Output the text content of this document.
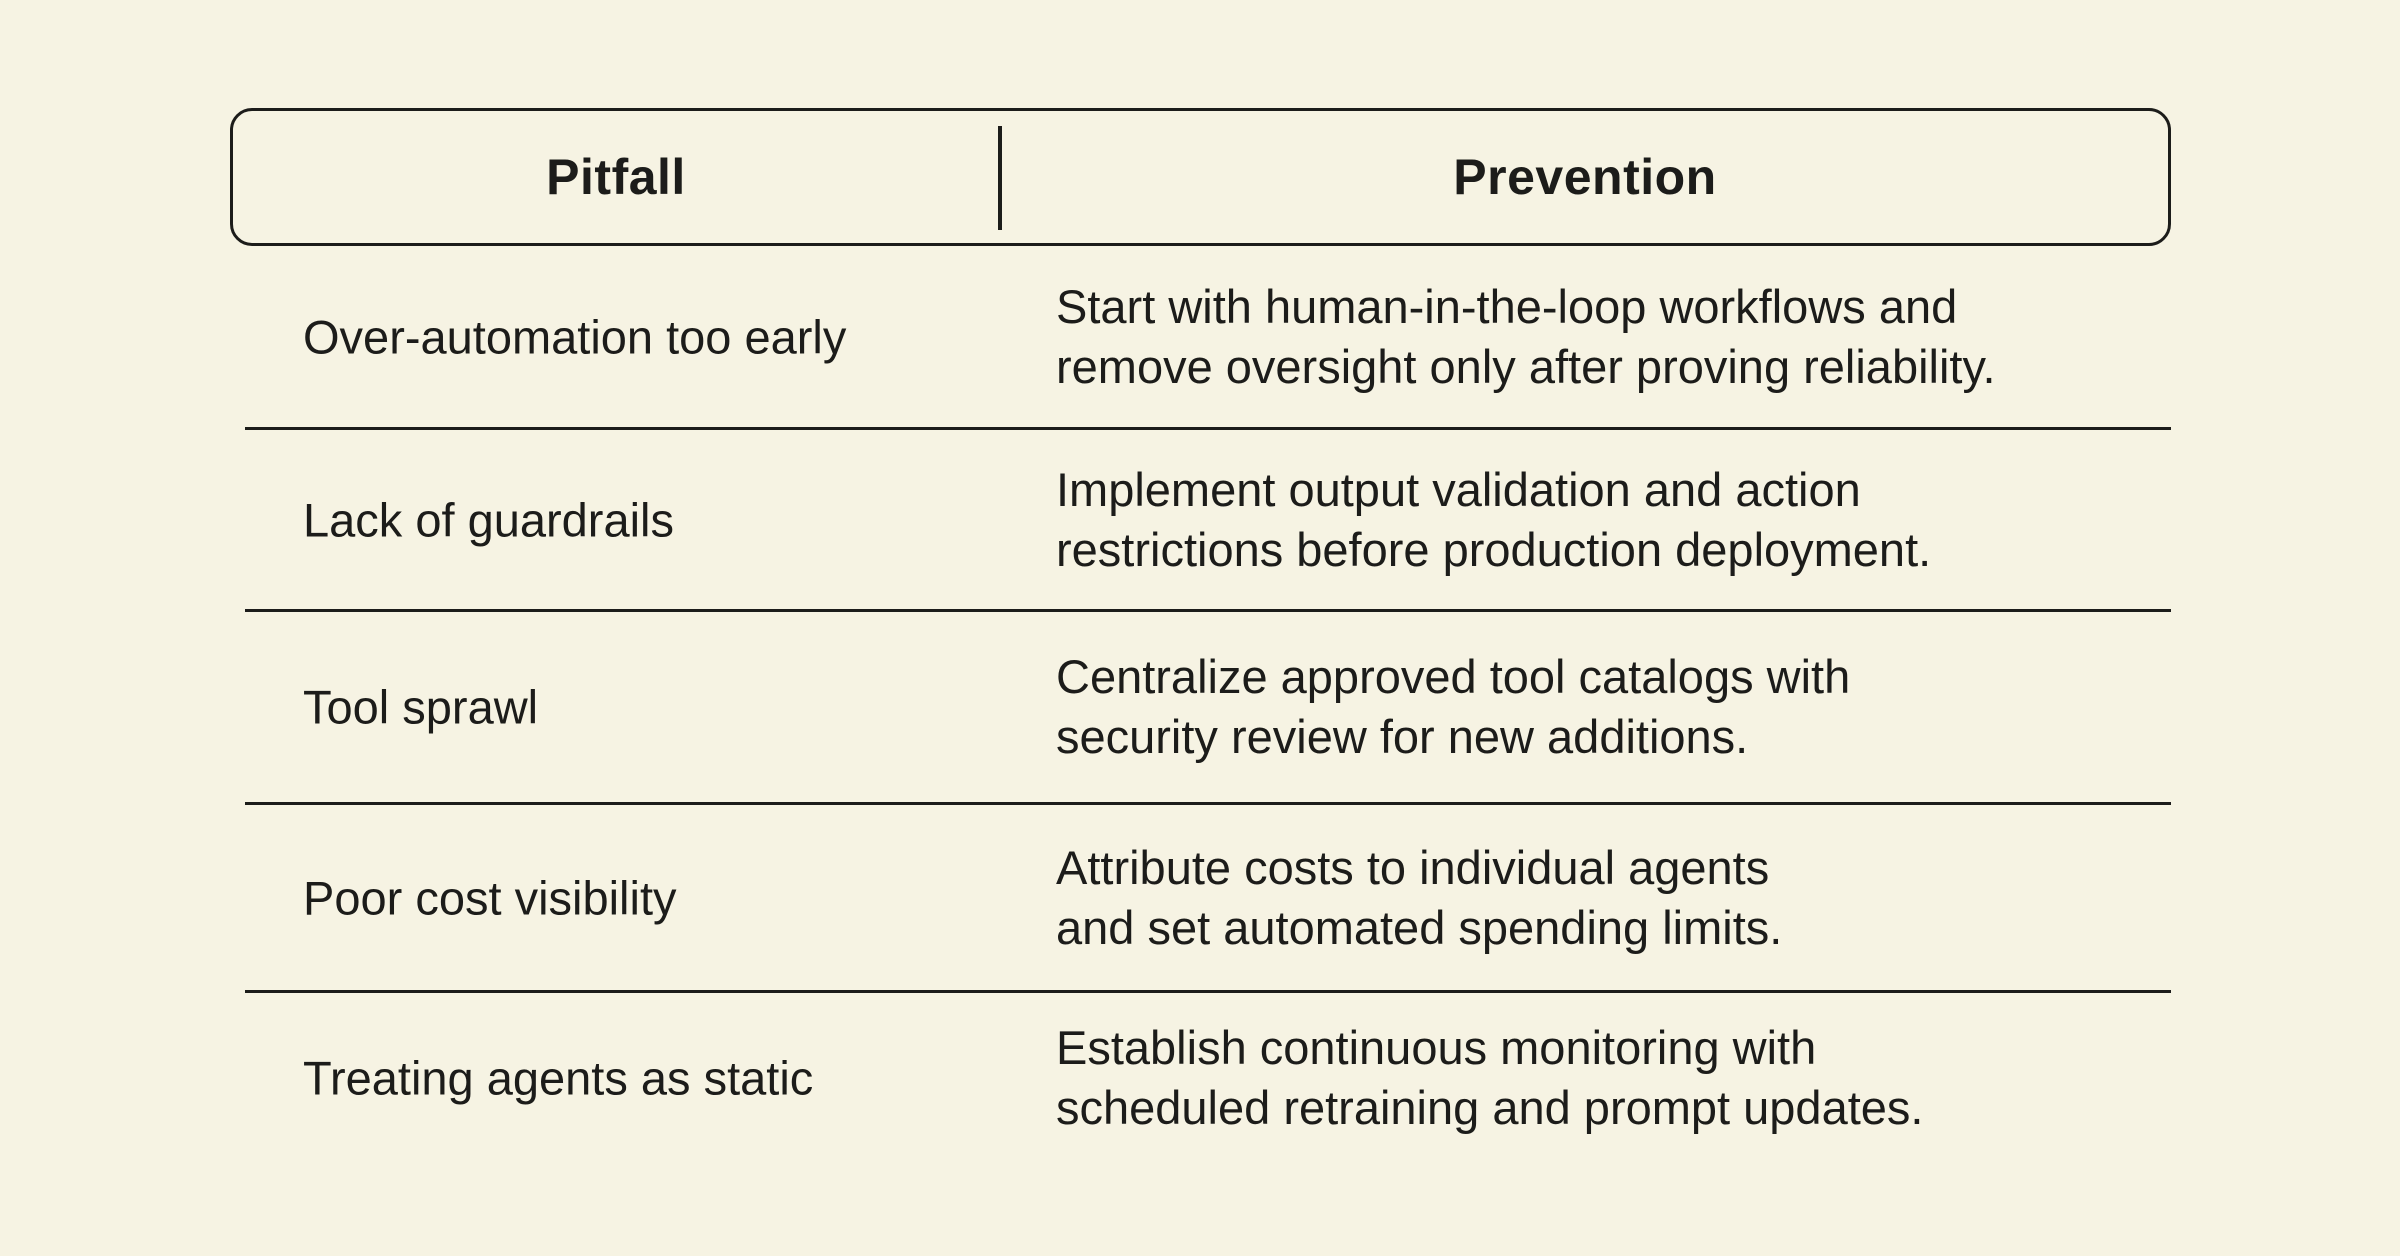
Pitfall	Prevention
Over-automation too early
Start with human-in-the-loop workflows and
remove oversight only after proving reliability.
Lack of guardrails
Implement output validation and action
restrictions before production deployment.
Tool sprawl
Centralize approved tool catalogs with
security review for new additions.
Poor cost visibility
Attribute costs to individual agents
and set automated spending limits.
Treating agents as static
Establish continuous monitoring with
scheduled retraining and prompt updates.
